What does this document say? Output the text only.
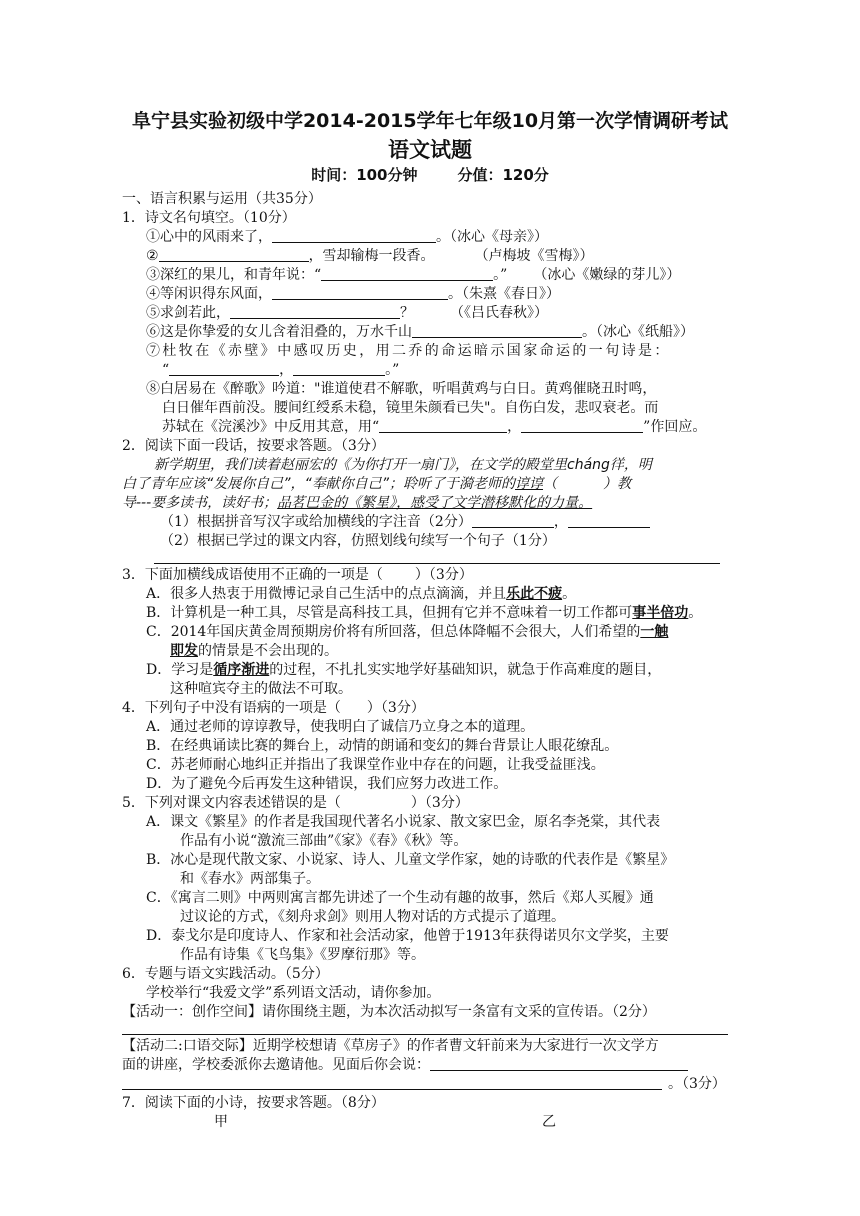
阜宁县实验初级中学2014-2015学年七年级10月第一次学情调研考试
语文试题
时间：100分钟	分值：120分
一、语言积累与运用（共35分）
1．诗文名句填空。（10分）
①心中的风雨来了，	。（冰心《母亲》）
②	，雪却输梅一段香。	（卢梅坡《雪梅》）
③深红的果儿，和青年说：“	。” （冰心《嫩绿的芽儿》）
④等闲识得东风面，	。（朱熹《春日》）
⑤求剑若此，	？	（《吕氏春秋》）
⑥这是你挚爱的女儿含着泪叠的，万水千山	。（冰心《纸船》）
⑦杜牧在《赤壁》中感叹历史，用二乔的命运暗示国家命运的一句诗是：
“	，	。”
⑧白居易在《醉歌》吟道："谁道使君不解歌，听唱黄鸡与白日。黄鸡催晓丑时鸣，
白日催年酉前没。腰间红绶系未稳，镜里朱颜看已失"。自伤白发，悲叹衰老。而
苏轼在《浣溪沙》中反用其意，用“	，	”作回应。
2．阅读下面一段话，按要求答题。（3分）
新学期里，我们读着赵丽宏的《为你打开一扇门》，在文学的殿堂里cháng徉，明
白了青年应该“发展你自己”，“奉献你自己”；聆听了于漪老师的谆谆（	）教
导---要多读书，读好书；品茗巴金的《繁星》，感受了文学潜移默化的力量。
（1）根据拼音写汉字或给加横线的字注音（2分）	，
（2）根据已学过的课文内容，仿照划线句续写一个句子（1分）
3．下面加横线成语使用不正确的一项是（ ）（3分）
A．很多人热衷于用微博记录自己生活中的点点滴滴，并且乐此不疲。
B．计算机是一种工具，尽管是高科技工具，但拥有它并不意味着一切工作都可事半倍功。
C．2014年国庆黄金周预期房价将有所回落，但总体降幅不会很大，人们希望的一触
即发的情景是不会出现的。
D．学习是循序渐进的过程，不扎扎实实地学好基础知识，就急于作高难度的题目，
这种喧宾夺主的做法不可取。
4．下列句子中没有语病的一项是（ ）（3分）
A．通过老师的谆谆教导，使我明白了诚信乃立身之本的道理。
B．在经典诵读比赛的舞台上，动情的朗诵和变幻的舞台背景让人眼花缭乱。
C．苏老师耐心地纠正并指出了我课堂作业中存在的问题，让我受益匪浅。
D．为了避免今后再发生这种错误，我们应努力改进工作。
5．下列对课文内容表述错误的是（	）（3分）
A．课文《繁星》的作者是我国现代著名小说家、散文家巴金，原名李尧棠，其代表
作品有小说“激流三部曲”《家》《春》《秋》等。
B．冰心是现代散文家、小说家、诗人、儿童文学作家，她的诗歌的代表作是《繁星》
和《春水》两部集子。
C．《寓言二则》中两则寓言都先讲述了一个生动有趣的故事，然后《郑人买履》通
过议论的方式，《刻舟求剑》则用人物对话的方式提示了道理。
D．泰戈尔是印度诗人、作家和社会活动家，他曾于1913年获得诺贝尔文学奖，主要
作品有诗集《飞鸟集》《罗摩衍那》等。
6．专题与语文实践活动。（5分）
学校举行“我爱文学”系列语文活动，请你参加。
【活动一：创作空间】请你围绕主题，为本次活动拟写一条富有文采的宣传语。（2分）
【活动二:口语交际】近期学校想请《草房子》的作者曹文轩前来为大家进行一次文学方
面的讲座，学校委派你去邀请他。见面后你会说：
。（3分）
7．阅读下面的小诗，按要求答题。（8分）
甲	乙
